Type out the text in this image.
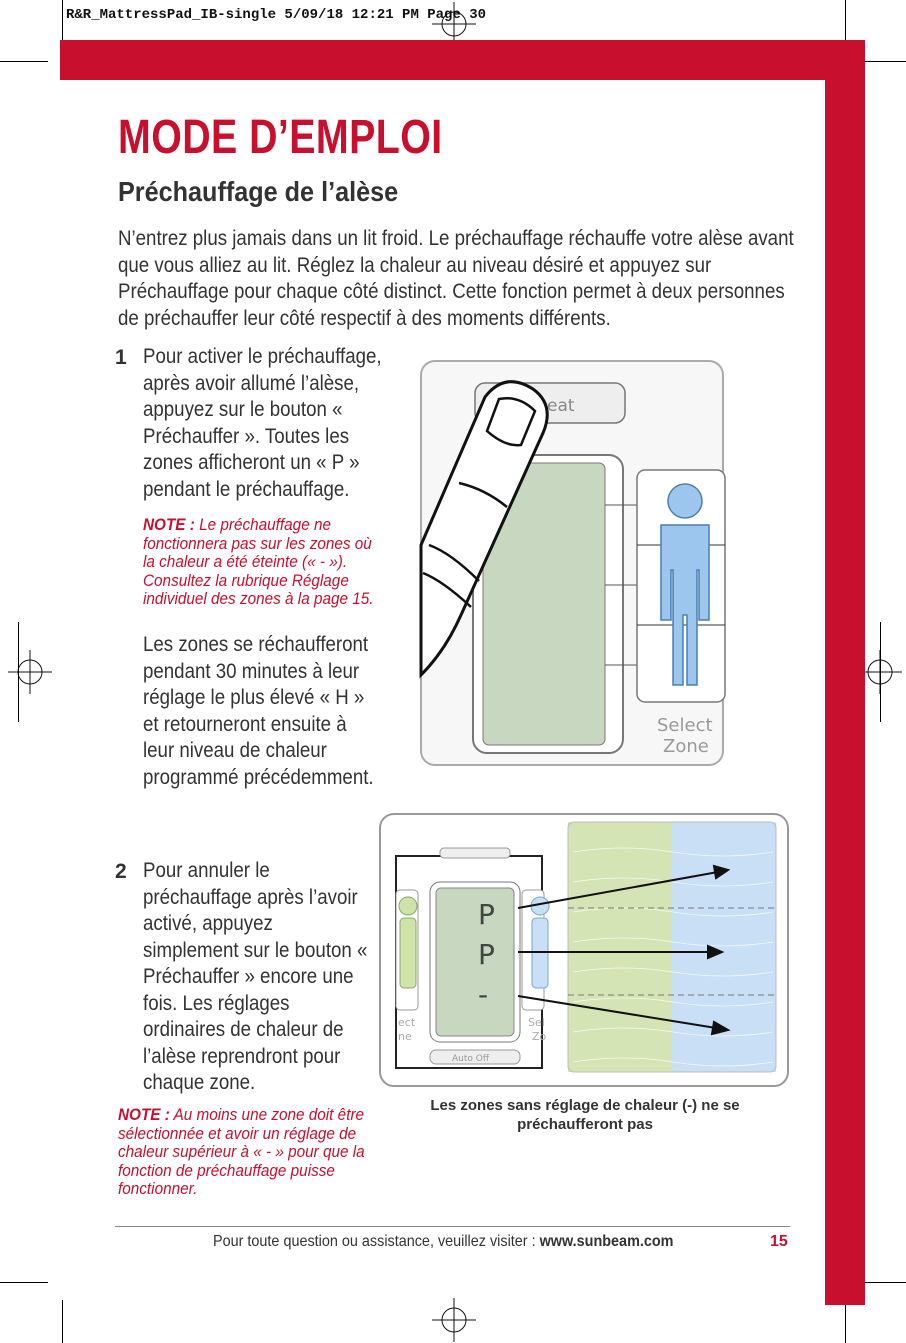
R&R_MattressPad_IB-single 5/09/18 12:21 PM Page 30
MODE D’EMPLOI
Préchauffage de l’alèse
N’entrez plus jamais dans un lit froid. Le préchauffage réchauffe votre alèse avant que vous alliez au lit. Réglez la chaleur au niveau désiré et appuyez sur Préchauffage pour chaque côté distinct. Cette fonction permet à deux personnes de préchauffer leur côté respectif à des moments différents.
1 Pour activer le préchauffage, après avoir allumé l’alèse, appuyez sur le bouton « Préchauffer ». Toutes les zones afficheront un « P » pendant le préchauffage.
NOTE : Le préchauffage ne fonctionnera pas sur les zones où la chaleur a été éteinte (« - »). Consultez la rubrique Réglage individuel des zones à la page 15.
Les zones se réchaufferont pendant 30 minutes à leur réglage le plus élevé « H » et retourneront ensuite à leur niveau de chaleur programmé précédemment.
2 Pour annuler le préchauffage après l’avoir activé, appuyez simplement sur le bouton « Préchauffer » encore une fois. Les réglages ordinaires de chaleur de l’alèse reprendront pour chaque zone.
NOTE : Au moins une zone doit être sélectionnée et avoir un réglage de chaleur supérieur à « - » pour que la fonction de préchauffage puisse fonctionner.
eat
Select
Zone
P
P
-
Auto Off
ect
ne
Sel
Zo
Les zones sans réglage de chaleur (-) ne se préchaufferont pas
Pour toute question ou assistance, veuillez visiter : www.sunbeam.com	15
